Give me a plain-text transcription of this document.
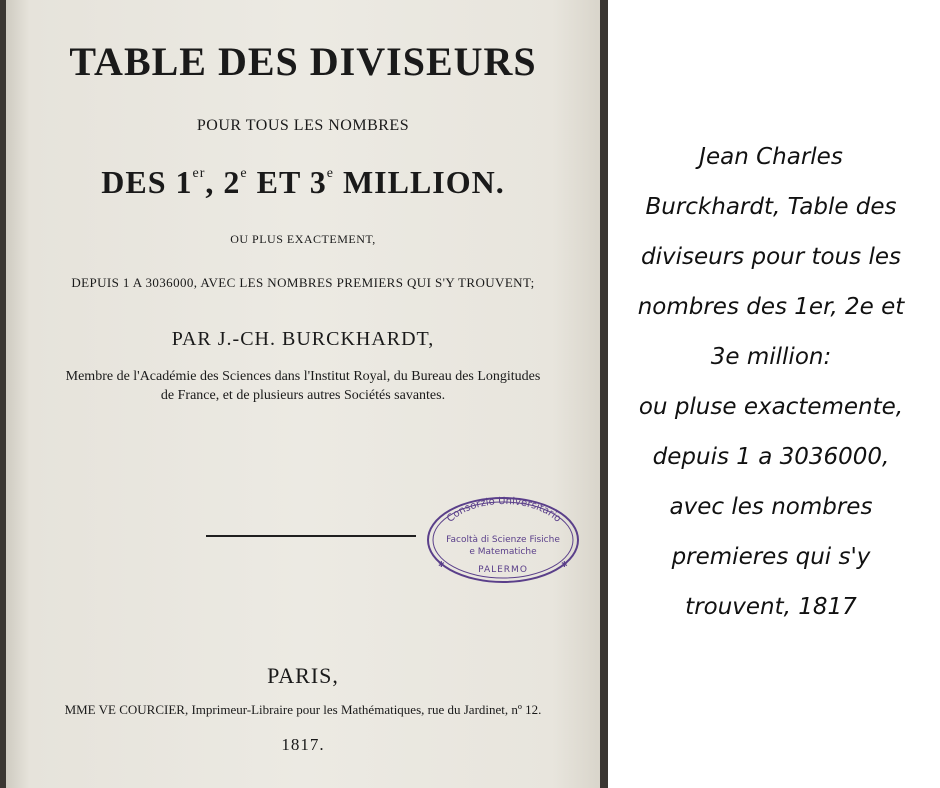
TABLE DES DIVISEURS
POUR TOUS LES NOMBRES
DES 1er, 2e ET 3e MILLION.
OU PLUS EXACTEMENT,
DEPUIS 1 A 3036000, AVEC LES NOMBRES PREMIERS QUI S'Y TROUVENT;
PAR J.-CH. BURCKHARDT,
Membre de l'Académie des Sciences dans l'Institut Royal, du Bureau des Longitudes
de France, et de plusieurs autres Sociétés savantes.
Consorzio Universitario
Facoltà di Scienze Fisiche
e Matematiche
PALERMO
✱	✱
PARIS,
MME VE COURCIER, Imprimeur-Libraire pour les Mathématiques, rue du Jardinet, nº 12.
1817.
Jean Charles
Burckhardt, Table des
diviseurs pour tous les
nombres des 1er, 2e et
3e million:
ou pluse exactemente,
depuis 1 a 3036000,
avec les nombres
premieres qui s'y
trouvent, 1817
